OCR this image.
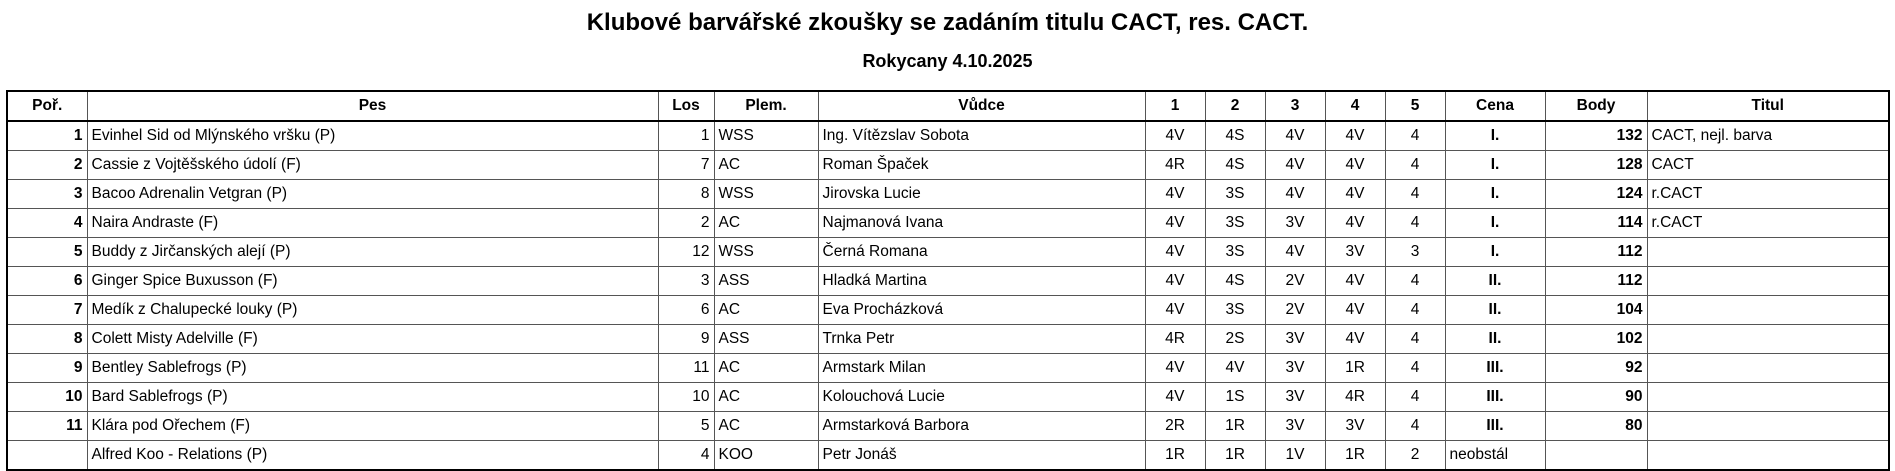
Klubové barvářské zkoušky se zadáním titulu CACT, res. CACT.
Rokycany 4.10.2025
Poř.	Pes	Los	Plem.	Vůdce	1	2	3	4	5	Cena	Body	Titul
1	Evinhel Sid od Mlýnského vršku (P)	1	WSS	Ing. Vítězslav Sobota	4V	4S	4V	4V	4	I.	132	CACT, nejl. barva
2	Cassie z Vojtěšského údolí (F)	7	AC	Roman Špaček	4R	4S	4V	4V	4	I.	128	CACT
3	Bacoo Adrenalin Vetgran (P)	8	WSS	Jirovska Lucie	4V	3S	4V	4V	4	I.	124	r.CACT
4	Naira Andraste (F)	2	AC	Najmanová Ivana	4V	3S	3V	4V	4	I.	114	r.CACT
5	Buddy z Jirčanských alejí (P)	12	WSS	Černá Romana	4V	3S	4V	3V	3	I.	112	
6	Ginger Spice Buxusson (F)	3	ASS	Hladká Martina	4V	4S	2V	4V	4	II.	112	
7	Medík z Chalupecké louky (P)	6	AC	Eva Procházková	4V	3S	2V	4V	4	II.	104	
8	Colett Misty Adelville (F)	9	ASS	Trnka Petr	4R	2S	3V	4V	4	II.	102	
9	Bentley Sablefrogs (P)	11	AC	Armstark Milan	4V	4V	3V	1R	4	III.	92	
10	Bard Sablefrogs (P)	10	AC	Kolouchová Lucie	4V	1S	3V	4R	4	III.	90	
11	Klára pod Ořechem (F)	5	AC	Armstarková Barbora	2R	1R	3V	3V	4	III.	80	
	Alfred Koo - Relations (P)	4	KOO	Petr Jonáš	1R	1R	1V	1R	2	neobstál		
